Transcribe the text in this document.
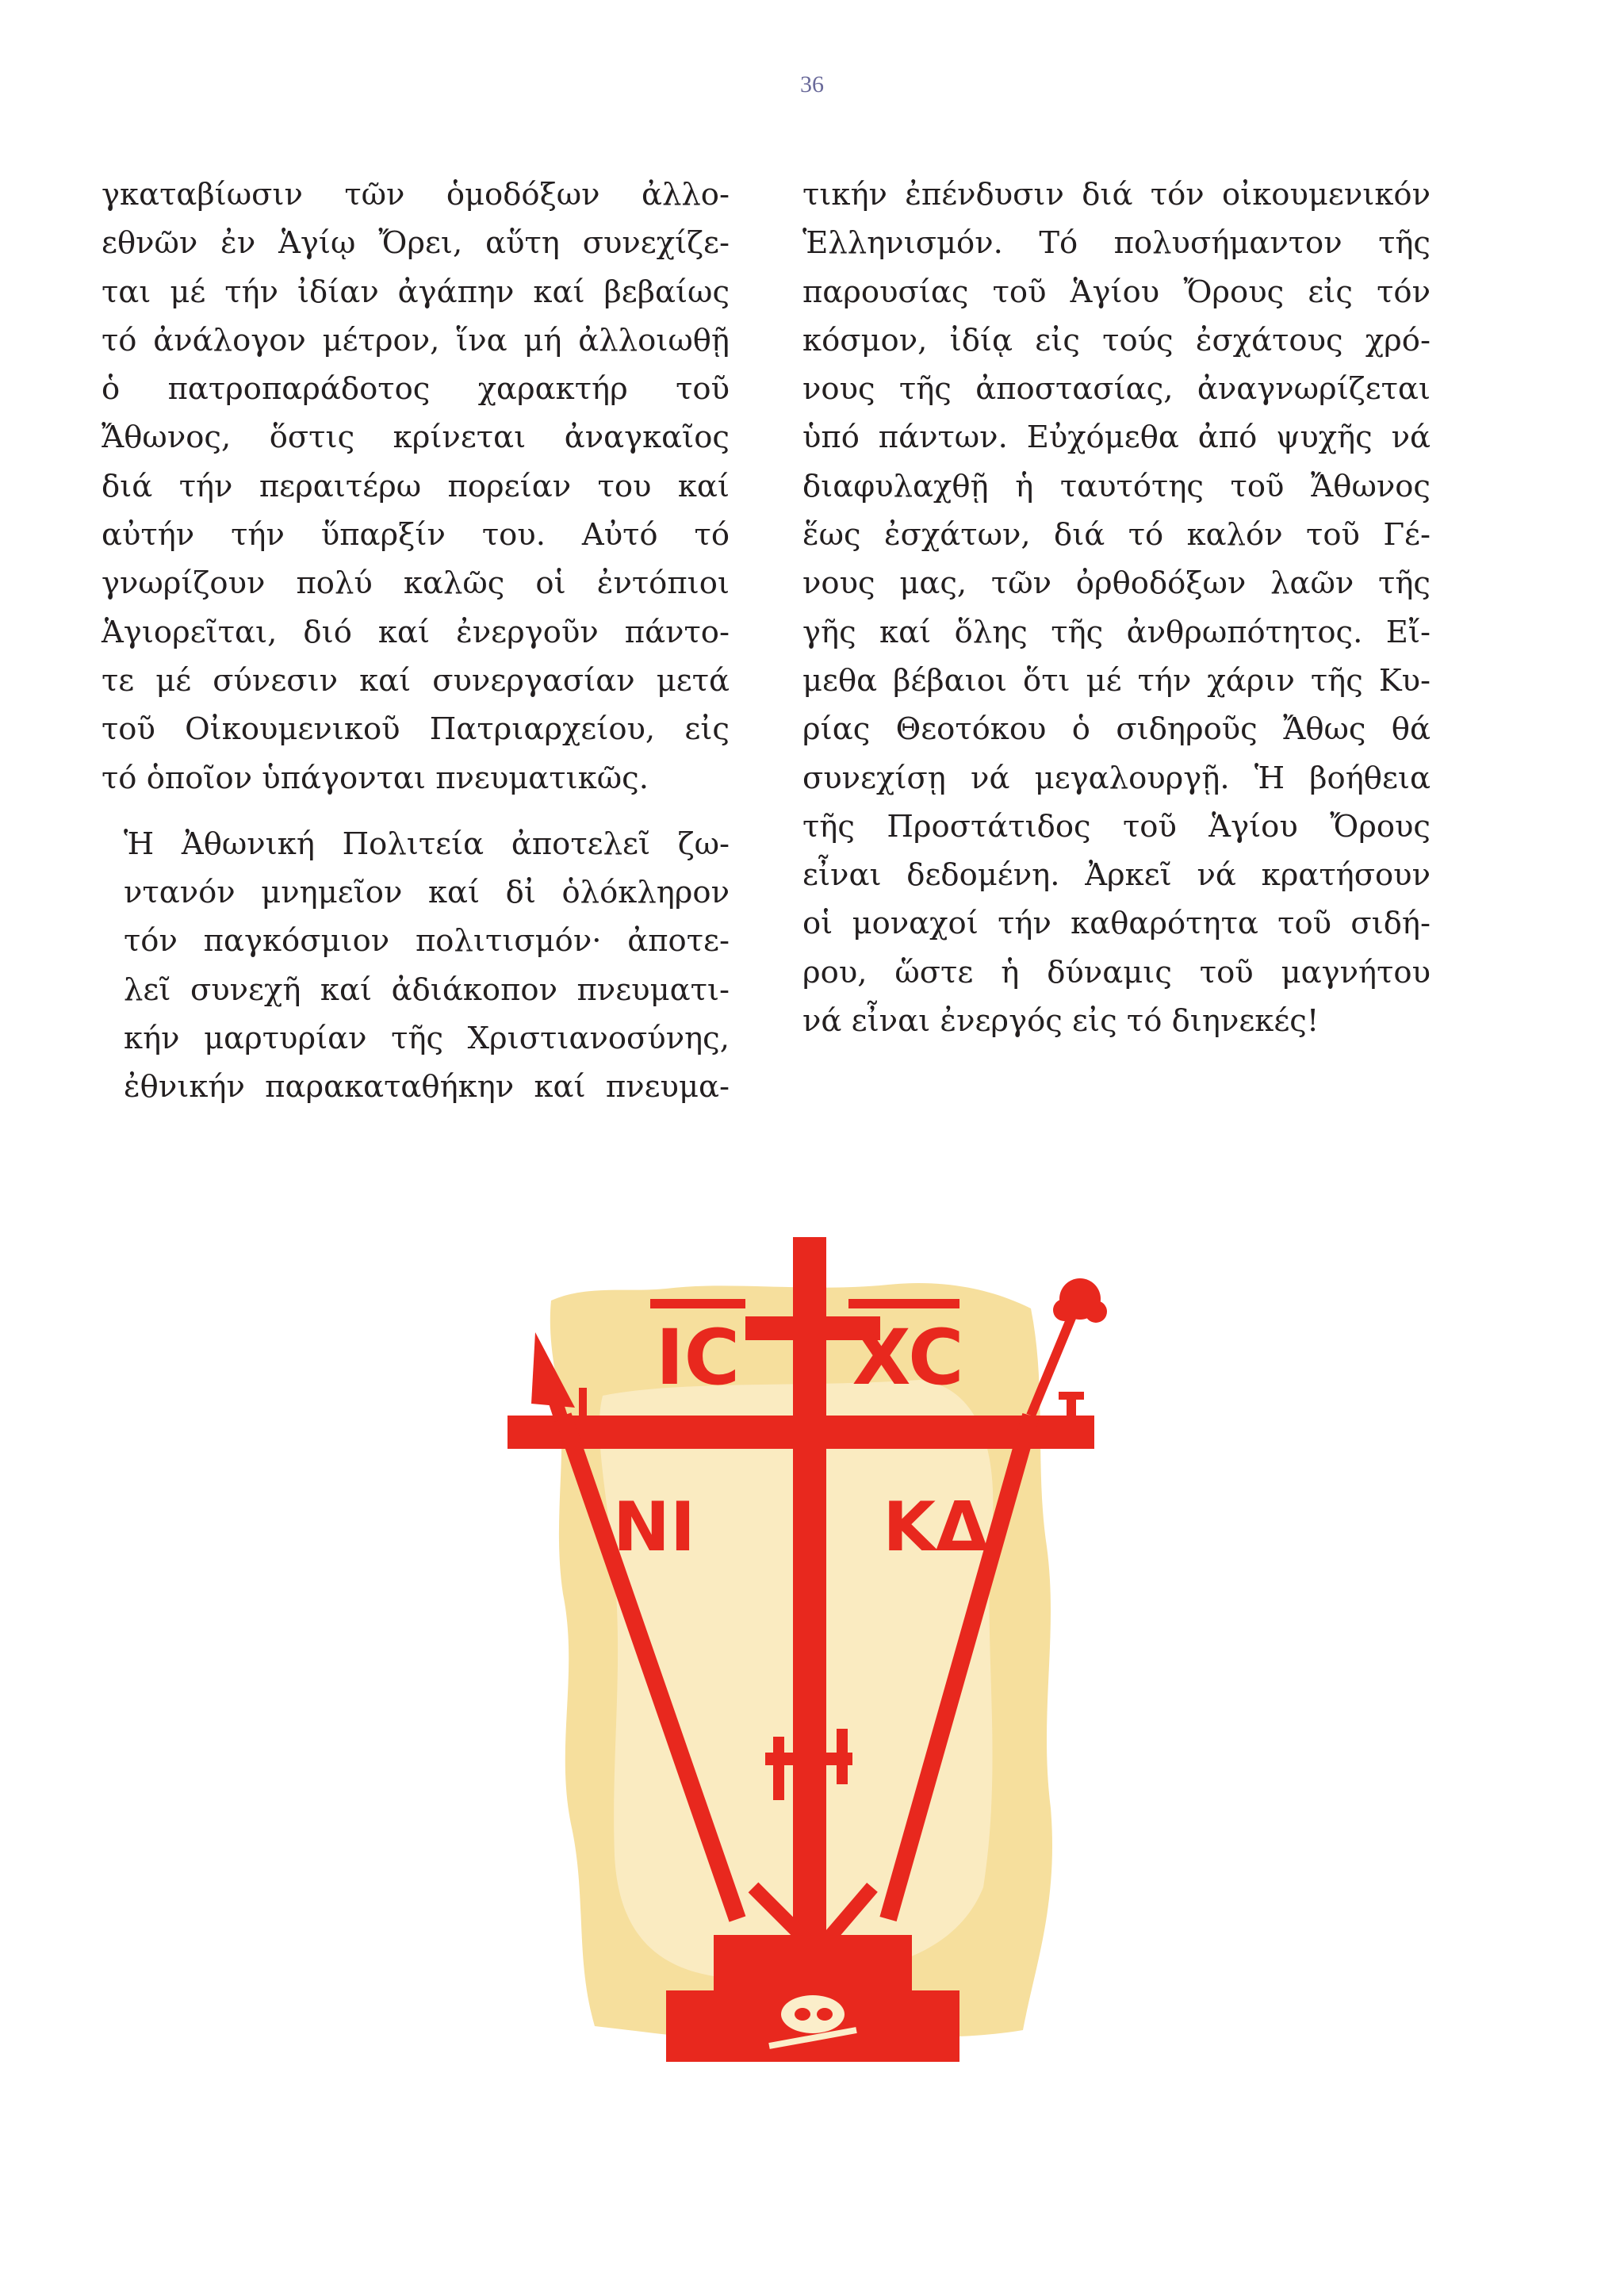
36

γκαταβίωσιν τῶν ὁμοδόξων ἀλλο-
εθνῶν ἐν Ἁγίῳ Ὄρει, αὕτη συνεχίζε-
ται μέ τήν ἰδίαν ἀγάπην καί βεβαίως
τό ἀνάλογον μέτρον, ἵνα μή ἀλλοιωθῇ
ὁ πατροπαράδοτος χαρακτήρ τοῦ
Ἄθωνος, ὅστις κρίνεται ἀναγκαῖος
διά τήν περαιτέρω πορείαν του καί
αὐτήν τήν ὕπαρξίν του. Αὐτό τό
γνωρίζουν πολύ καλῶς οἱ ἐντόπιοι
Ἁγιορεῖται, διό καί ἐνεργοῦν πάντο-
τε μέ σύνεσιν καί συνεργασίαν μετά
τοῦ Οἰκουμενικοῦ Πατριαρχείου, εἰς
τό ὁποῖον ὑπάγονται πνευματικῶς.

Ἡ Ἀθωνική Πολιτεία ἀποτελεῖ ζω-
ντανόν μνημεῖον καί δἰ ὁλόκληρον
τόν παγκόσμιον πολιτισμόν· ἀποτε-
λεῖ συνεχῆ καί ἀδιάκοπον πνευματι-
κήν μαρτυρίαν τῆς Χριστιανοσύνης,
ἐθνικήν παρακαταθήκην καί πνευμα-

τικήν ἐπένδυσιν διά τόν οἰκουμενικόν
Ἑλληνισμόν. Τό πολυσήμαντον τῆς
παρουσίας τοῦ Ἁγίου Ὄρους εἰς τόν
κόσμον, ἰδίᾳ εἰς τούς ἐσχάτους χρό-
νους τῆς ἀποστασίας, ἀναγνωρίζεται
ὑπό πάντων. Εὐχόμεθα ἀπό ψυχῆς νά
διαφυλαχθῇ ἡ ταυτότης τοῦ Ἄθωνος
ἕως ἐσχάτων, διά τό καλόν τοῦ Γέ-
νους μας, τῶν ὀρθοδόξων λαῶν τῆς
γῆς καί ὅλης τῆς ἀνθρωπότητος. Εἴ-
μεθα βέβαιοι ὅτι μέ τήν χάριν τῆς Κυ-
ρίας Θεοτόκου ὁ σιδηροῦς Ἄθως θά
συνεχίσῃ νά μεγαλουργῇ. Ἡ βοήθεια
τῆς Προστάτιδος τοῦ Ἁγίου Ὄρους
εἶναι δεδομένη. Ἀρκεῖ νά κρατήσουν
οἱ μοναχοί τήν καθαρότητα τοῦ σιδή-
ρου, ὥστε ἡ δύναμις τοῦ μαγνήτου
νά εἶναι ἐνεργός εἰς τό διηνεκές!

IC XC
NI	KΔ
